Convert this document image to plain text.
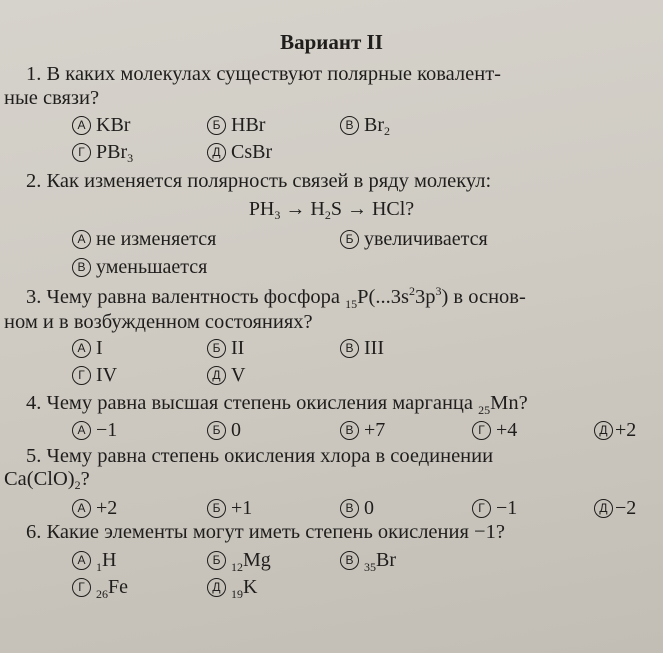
Вариант II
1. В каких молекулах существуют полярные ковалент-
ные связи?
А KBr	Б HBr	В $Br_2$
Г PBr$_3$	Д CsBr
2. Как изменяется полярность связей в ряду молекул:
$PH_3 \to H_2S$ → HCl?
А не изменяется	Б увеличивается
В уменьшается
3. Чему равна валентность фосфора $_{15}P(...3s^23p^3)$ в основ-
ном и в возбужденном состояниях?
А I	Б II	В III
Г IV	Д V
4. Чему равна высшая степень окисления марганца $_{25}$Mn?
А −1	Б 0	В +7	Г +4	Д +2
5. Чему равна степень окисления хлора в соединении
$Ca(ClO)_2$?
А +2	Б +1	В 0	Г −1	Д −2
6. Какие элементы могут иметь степень окисления −1?
А $_1$H	Б $_{12}$Mg	В $_{35}$Br
Г $_{26}$Fe	Д $_{19}$K
